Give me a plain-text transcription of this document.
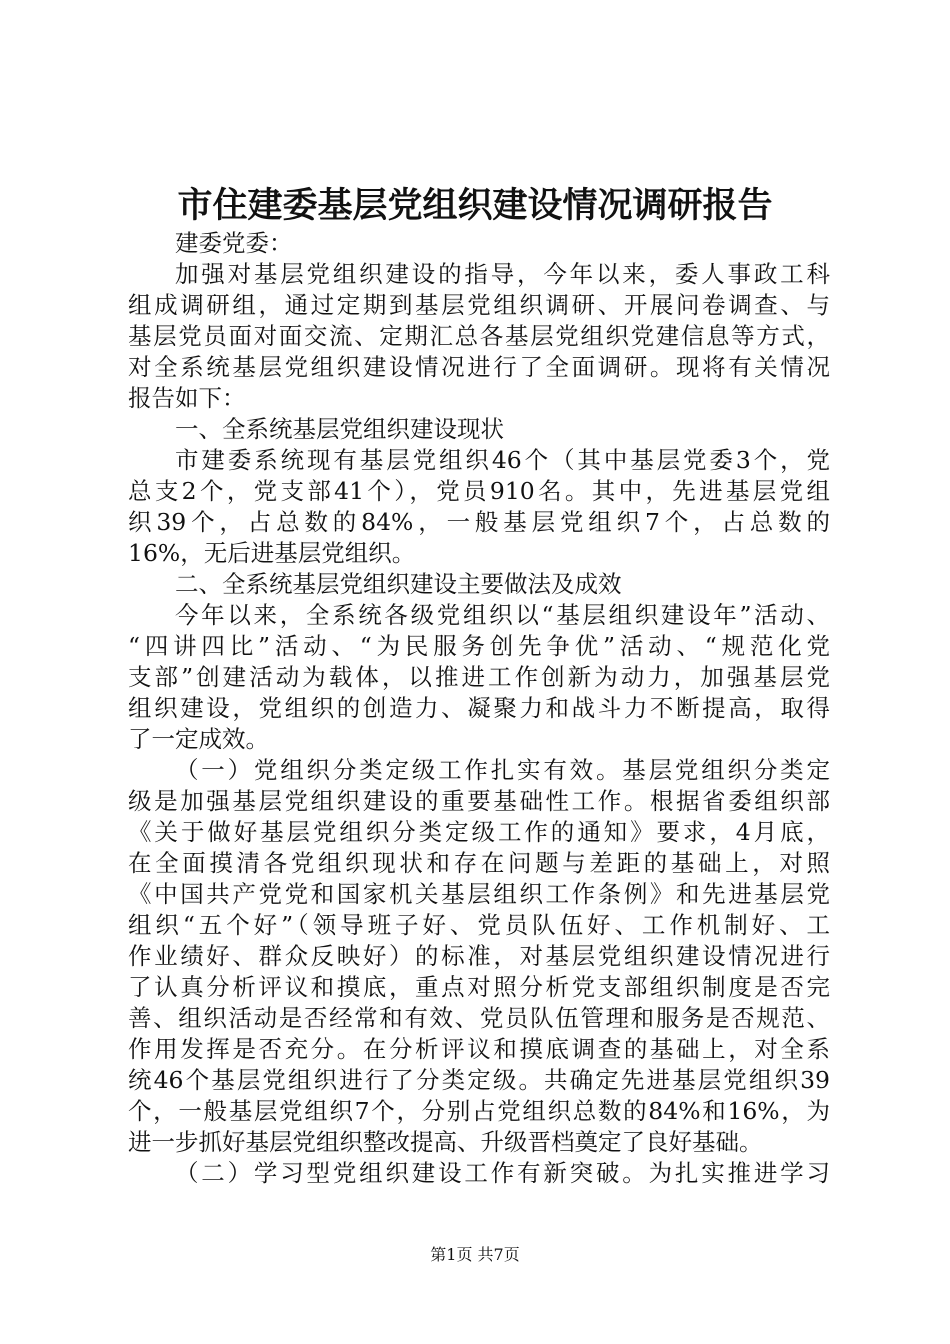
市住建委基层党组织建设情况调研报告
建委党委：
加强对基层党组织建设的指导，今年以来，委人事政工科
组成调研组，通过定期到基层党组织调研、开展问卷调查、与
基层党员面对面交流、定期汇总各基层党组织党建信息等方式，
对全系统基层党组织建设情况进行了全面调研。现将有关情况
报告如下：
一、全系统基层党组织建设现状
市建委系统现有基层党组织46个（其中基层党委3个，党
总支2个，党支部41个），党员910名。其中，先进基层党组
织39个，占总数的84%，一般基层党组织7个，占总数的
16%，无后进基层党组织。
二、全系统基层党组织建设主要做法及成效
今年以来，全系统各级党组织以“基层组织建设年”活动、
“四讲四比”活动、“为民服务创先争优”活动、“规范化党
支部”创建活动为载体，以推进工作创新为动力，加强基层党
组织建设，党组织的创造力、凝聚力和战斗力不断提高，取得
了一定成效。
（一）党组织分类定级工作扎实有效。基层党组织分类定
级是加强基层党组织建设的重要基础性工作。根据省委组织部
《关于做好基层党组织分类定级工作的通知》要求，4月底，
在全面摸清各党组织现状和存在问题与差距的基础上，对照
《中国共产党党和国家机关基层组织工作条例》和先进基层党
组织“五个好”（领导班子好、党员队伍好、工作机制好、工
作业绩好、群众反映好）的标准，对基层党组织建设情况进行
了认真分析评议和摸底，重点对照分析党支部组织制度是否完
善、组织活动是否经常和有效、党员队伍管理和服务是否规范、
作用发挥是否充分。在分析评议和摸底调查的基础上，对全系
统46个基层党组织进行了分类定级。共确定先进基层党组织39
个，一般基层党组织7个，分别占党组织总数的84%和16%，为
进一步抓好基层党组织整改提高、升级晋档奠定了良好基础。
（二）学习型党组织建设工作有新突破。为扎实推进学习
第1页 共7页
